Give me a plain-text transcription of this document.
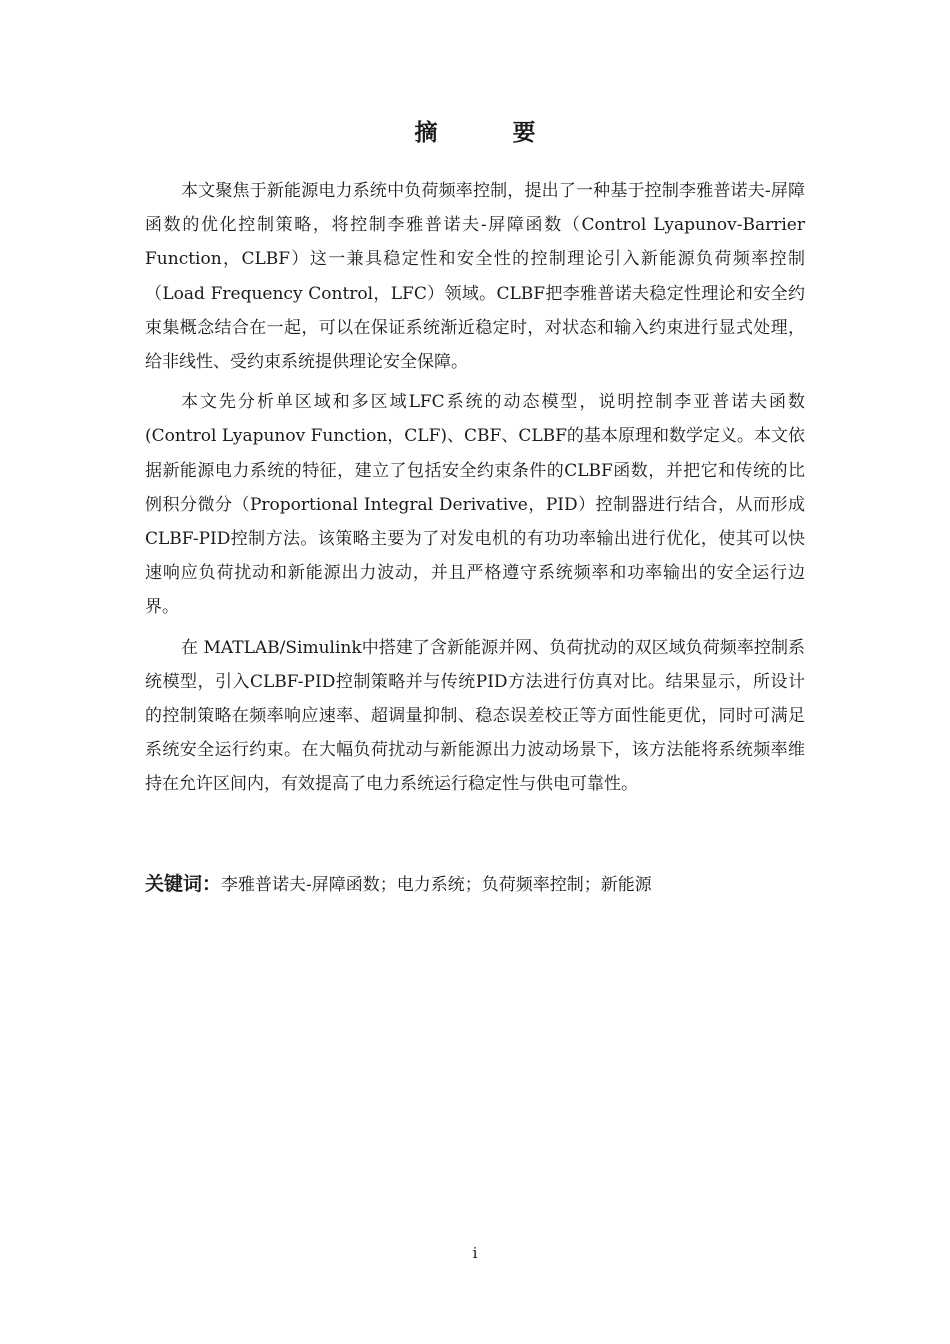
摘　要

本文聚焦于新能源电力系统中负荷频率控制，提出了一种基于控制李雅普诺夫-屏障函数的优化控制策略，将控制李雅普诺夫-屏障函数（Control Lyapunov-Barrier Function，CLBF）这一兼具稳定性和安全性的控制理论引入新能源负荷频率控制（Load Frequency Control，LFC）领域。CLBF把李雅普诺夫稳定性理论和安全约束集概念结合在一起，可以在保证系统渐近稳定时，对状态和输入约束进行显式处理，给非线性、受约束系统提供理论安全保障。

本文先分析单区域和多区域LFC系统的动态模型，说明控制李亚普诺夫函数(Control Lyapunov Function，CLF)、CBF、CLBF的基本原理和数学定义。本文依据新能源电力系统的特征，建立了包括安全约束条件的CLBF函数，并把它和传统的比例积分微分（Proportional Integral Derivative，PID）控制器进行结合，从而形成CLBF-PID控制方法。该策略主要为了对发电机的有功功率输出进行优化，使其可以快速响应负荷扰动和新能源出力波动，并且严格遵守系统频率和功率输出的安全运行边界。

在 MATLAB/Simulink中搭建了含新能源并网、负荷扰动的双区域负荷频率控制系统模型，引入CLBF-PID控制策略并与传统PID方法进行仿真对比。结果显示，所设计的控制策略在频率响应速率、超调量抑制、稳态误差校正等方面性能更优，同时可满足系统安全运行约束。在大幅负荷扰动与新能源出力波动场景下，该方法能将系统频率维持在允许区间内，有效提高了电力系统运行稳定性与供电可靠性。

关键词：李雅普诺夫-屏障函数；电力系统；负荷频率控制；新能源

i
